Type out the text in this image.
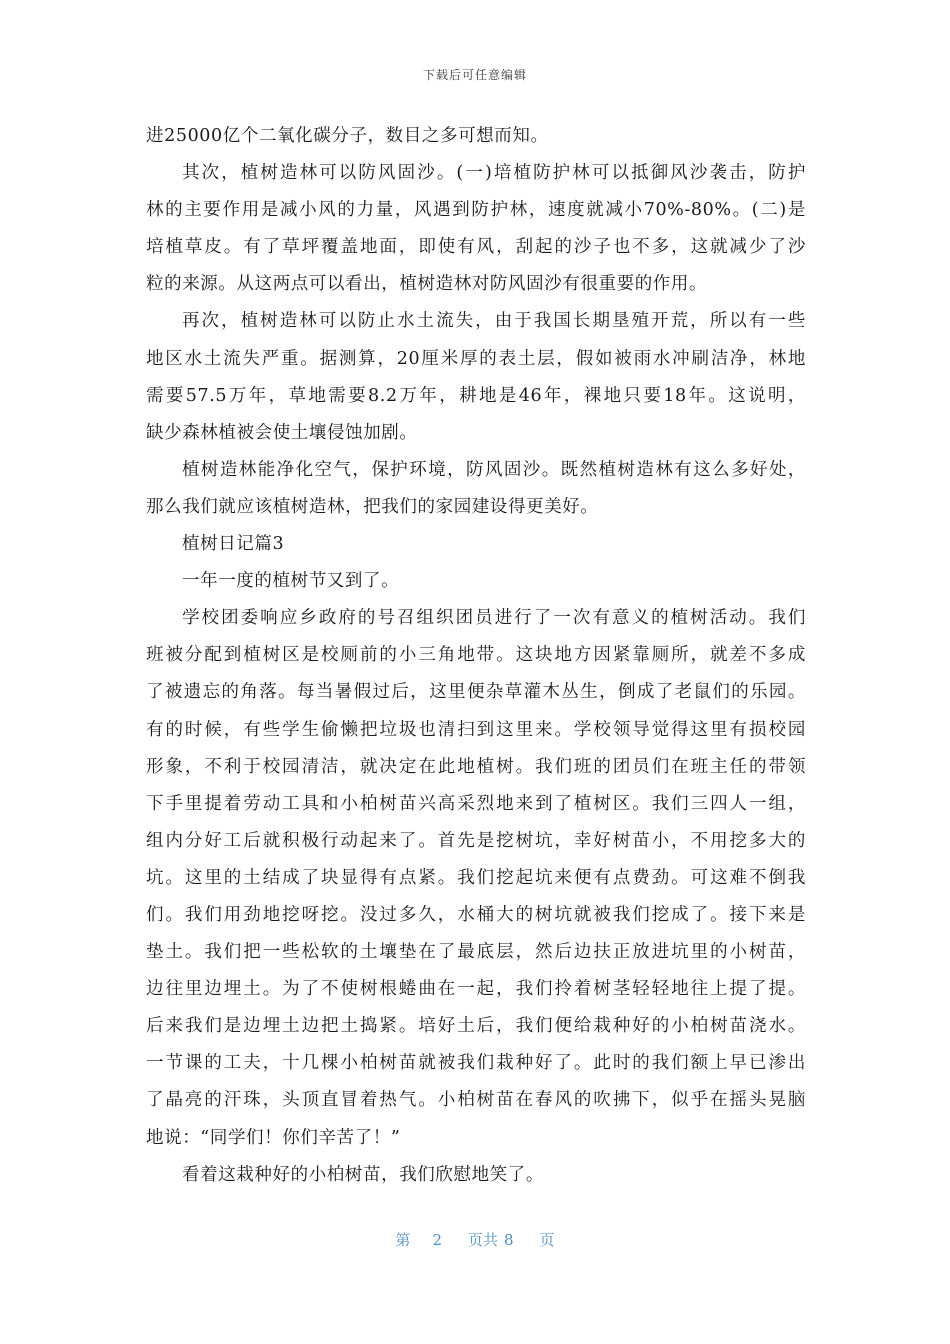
下载后可任意编辑
进25000亿个二氧化碳分子，数目之多可想而知。
其次，植树造林可以防风固沙。(一)培植防护林可以抵御风沙袭击，防护
林的主要作用是减小风的力量，风遇到防护林，速度就减小70%-80%。(二)是
培植草皮。有了草坪覆盖地面，即使有风，刮起的沙子也不多，这就减少了沙
粒的来源。从这两点可以看出，植树造林对防风固沙有很重要的作用。
再次，植树造林可以防止水土流失，由于我国长期垦殖开荒，所以有一些
地区水土流失严重。据测算，20厘米厚的表土层，假如被雨水冲刷洁净，林地
需要57.5万年，草地需要8.2万年，耕地是46年，裸地只要18年。这说明，
缺少森林植被会使土壤侵蚀加剧。
植树造林能净化空气，保护环境，防风固沙。既然植树造林有这么多好处，
那么我们就应该植树造林，把我们的家园建设得更美好。
植树日记篇3
一年一度的植树节又到了。
学校团委响应乡政府的号召组织团员进行了一次有意义的植树活动。我们
班被分配到植树区是校厕前的小三角地带。这块地方因紧靠厕所，就差不多成
了被遗忘的角落。每当暑假过后，这里便杂草灌木丛生，倒成了老鼠们的乐园。
有的时候，有些学生偷懒把垃圾也清扫到这里来。学校领导觉得这里有损校园
形象，不利于校园清洁，就决定在此地植树。我们班的团员们在班主任的带领
下手里提着劳动工具和小柏树苗兴高采烈地来到了植树区。我们三四人一组，
组内分好工后就积极行动起来了。首先是挖树坑，幸好树苗小，不用挖多大的
坑。这里的土结成了块显得有点紧。我们挖起坑来便有点费劲。可这难不倒我
们。我们用劲地挖呀挖。没过多久，水桶大的树坑就被我们挖成了。接下来是
垫土。我们把一些松软的土壤垫在了最底层，然后边扶正放进坑里的小树苗，
边往里边埋土。为了不使树根蜷曲在一起，我们拎着树茎轻轻地往上提了提。
后来我们是边埋土边把土捣紧。培好土后，我们便给栽种好的小柏树苗浇水。
一节课的工夫，十几棵小柏树苗就被我们栽种好了。此时的我们额上早已渗出
了晶亮的汗珠，头顶直冒着热气。小柏树苗在春风的吹拂下，似乎在摇头晃脑
地说：“同学们！你们辛苦了！”
看着这栽种好的小柏树苗，我们欣慰地笑了。
第 2 页共 8 页
